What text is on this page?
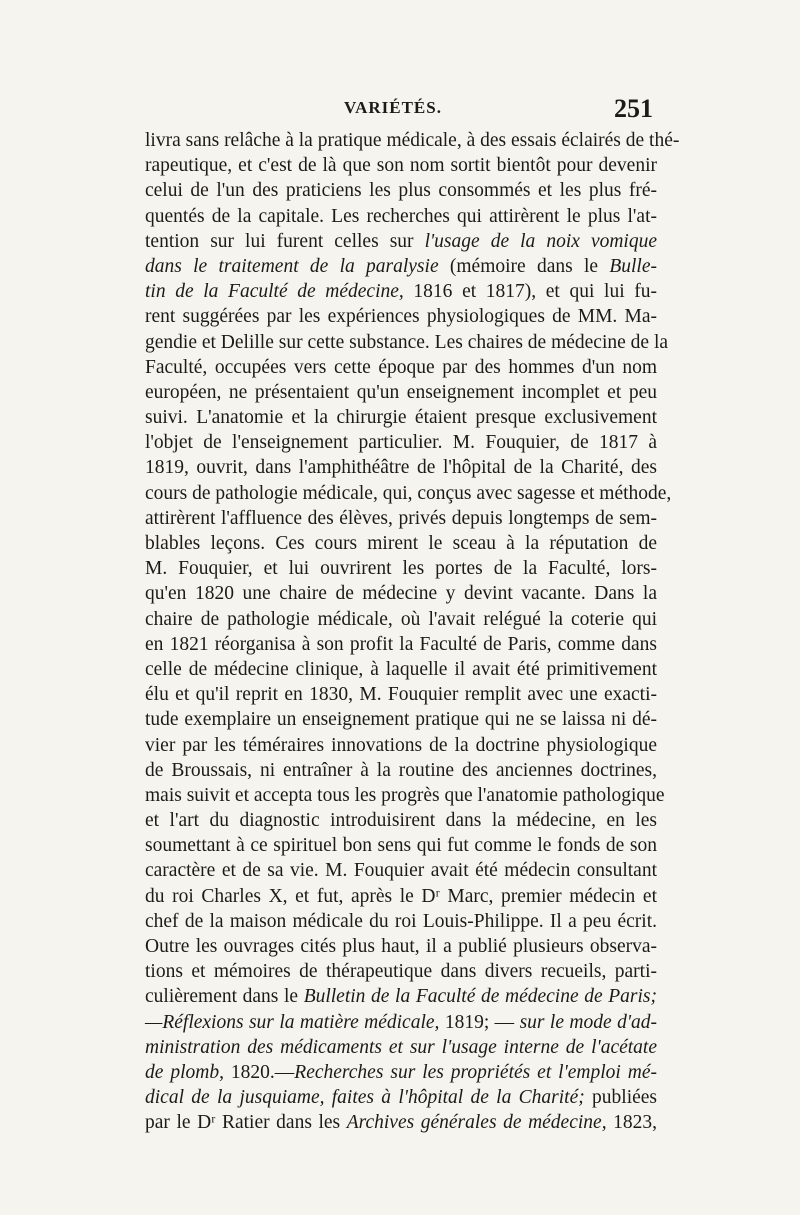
VARIÉTÉS.	251
livra sans relâche à la pratique médicale, à des essais éclairés de thé-
rapeutique, et c'est de là que son nom sortit bientôt pour devenir
celui de l'un des praticiens les plus consommés et les plus fré-
quentés de la capitale. Les recherches qui attirèrent le plus l'at-
tention sur lui furent celles sur l'usage de la noix vomique
dans le traitement de la paralysie (mémoire dans le Bulle-
tin de la Faculté de médecine, 1816 et 1817), et qui lui fu-
rent suggérées par les expériences physiologiques de MM. Ma-
gendie et Delille sur cette substance. Les chaires de médecine de la
Faculté, occupées vers cette époque par des hommes d'un nom
européen, ne présentaient qu'un enseignement incomplet et peu
suivi. L'anatomie et la chirurgie étaient presque exclusivement
l'objet de l'enseignement particulier. M. Fouquier, de 1817 à
1819, ouvrit, dans l'amphithéâtre de l'hôpital de la Charité, des
cours de pathologie médicale, qui, conçus avec sagesse et méthode,
attirèrent l'affluence des élèves, privés depuis longtemps de sem-
blables leçons. Ces cours mirent le sceau à la réputation de
M. Fouquier, et lui ouvrirent les portes de la Faculté, lors-
qu'en 1820 une chaire de médecine y devint vacante. Dans la
chaire de pathologie médicale, où l'avait relégué la coterie qui
en 1821 réorganisa à son profit la Faculté de Paris, comme dans
celle de médecine clinique, à laquelle il avait été primitivement
élu et qu'il reprit en 1830, M. Fouquier remplit avec une exacti-
tude exemplaire un enseignement pratique qui ne se laissa ni dé-
vier par les téméraires innovations de la doctrine physiologique
de Broussais, ni entraîner à la routine des anciennes doctrines,
mais suivit et accepta tous les progrès que l'anatomie pathologique
et l'art du diagnostic introduisirent dans la médecine, en les
soumettant à ce spirituel bon sens qui fut comme le fonds de son
caractère et de sa vie. M. Fouquier avait été médecin consultant
du roi Charles X, et fut, après le Dʳ Marc, premier médecin et
chef de la maison médicale du roi Louis-Philippe. Il a peu écrit.
Outre les ouvrages cités plus haut, il a publié plusieurs observa-
tions et mémoires de thérapeutique dans divers recueils, parti-
culièrement dans le Bulletin de la Faculté de médecine de Paris;
—Réflexions sur la matière médicale, 1819; — sur le mode d'ad-
ministration des médicaments et sur l'usage interne de l'acétate
de plomb, 1820.—Recherches sur les propriétés et l'emploi mé-
dical de la jusquiame, faites à l'hôpital de la Charité; publiées
par le Dʳ Ratier dans les Archives générales de médecine, 1823,
